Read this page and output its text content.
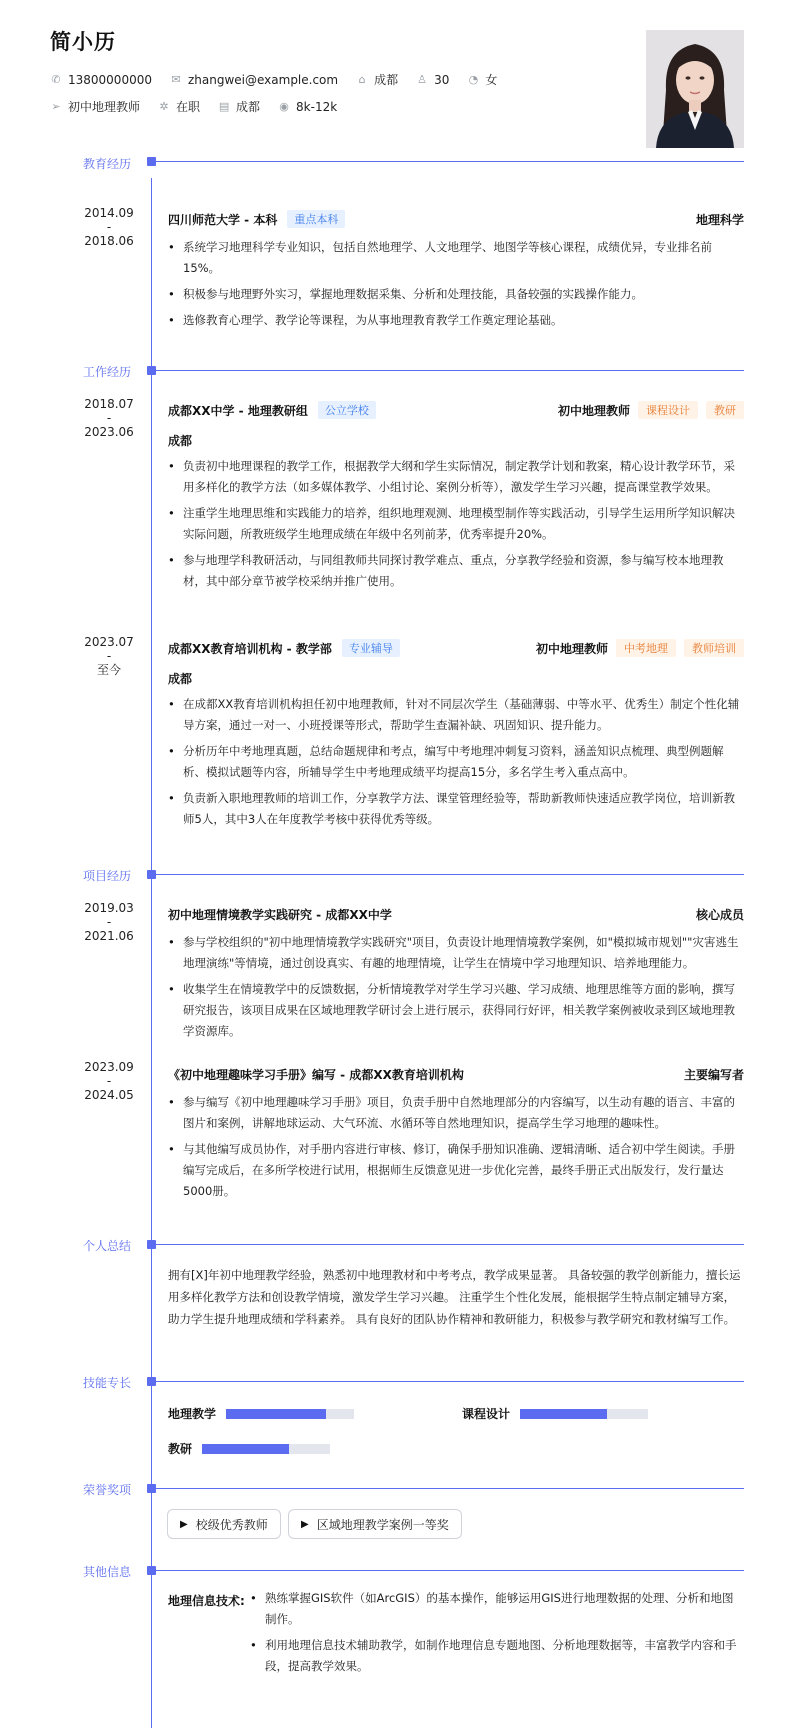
简小历
✆ 13800000000 ✉ zhangwei@example.com ⌂ 成都 ♙ 30 ◔ 女
➢ 初中地理教师 ✲ 在职 ▤ 成都 ◉ 8k-12k
教育经历
2014.09
-
2018.06
四川师范大学 - 本科	重点本科	地理科学
• 系统学习地理科学专业知识，包括自然地理学、人文地理学、地图学等核心课程，成绩优异，专业排名前15%。
• 积极参与地理野外实习，掌握地理数据采集、分析和处理技能，具备较强的实践操作能力。
• 选修教育心理学、教学论等课程，为从事地理教育教学工作奠定理论基础。
工作经历
2018.07
-
2023.06
成都XX中学 - 地理教研组	公立学校	初中地理教师	课程设计	教研
成都
• 负责初中地理课程的教学工作，根据教学大纲和学生实际情况，制定教学计划和教案，精心设计教学环节，采用多样化的教学方法（如多媒体教学、小组讨论、案例分析等），激发学生学习兴趣，提高课堂教学效果。
• 注重学生地理思维和实践能力的培养，组织地理观测、地理模型制作等实践活动，引导学生运用所学知识解决实际问题，所教班级学生地理成绩在年级中名列前茅，优秀率提升20%。
• 参与地理学科教研活动，与同组教师共同探讨教学难点、重点，分享教学经验和资源，参与编写校本地理教材，其中部分章节被学校采纳并推广使用。
2023.07
-
至今
成都XX教育培训机构 - 教学部	专业辅导	初中地理教师	中考地理	教师培训
成都
• 在成都XX教育培训机构担任初中地理教师，针对不同层次学生（基础薄弱、中等水平、优秀生）制定个性化辅导方案，通过一对一、小班授课等形式，帮助学生查漏补缺、巩固知识、提升能力。
• 分析历年中考地理真题，总结命题规律和考点，编写中考地理冲刺复习资料，涵盖知识点梳理、典型例题解析、模拟试题等内容，所辅导学生中考地理成绩平均提高15分，多名学生考入重点高中。
• 负责新入职地理教师的培训工作，分享教学方法、课堂管理经验等，帮助新教师快速适应教学岗位，培训新教师5人，其中3人在年度教学考核中获得优秀等级。
项目经历
2019.03
-
2021.06
初中地理情境教学实践研究 - 成都XX中学	核心成员
• 参与学校组织的"初中地理情境教学实践研究"项目，负责设计地理情境教学案例，如"模拟城市规划""灾害逃生地理演练"等情境，通过创设真实、有趣的地理情境，让学生在情境中学习地理知识、培养地理能力。
• 收集学生在情境教学中的反馈数据，分析情境教学对学生学习兴趣、学习成绩、地理思维等方面的影响，撰写研究报告，该项目成果在区域地理教学研讨会上进行展示，获得同行好评，相关教学案例被收录到区域地理教学资源库。
2023.09
-
2024.05
《初中地理趣味学习手册》编写 - 成都XX教育培训机构	主要编写者
• 参与编写《初中地理趣味学习手册》项目，负责手册中自然地理部分的内容编写，以生动有趣的语言、丰富的图片和案例，讲解地球运动、大气环流、水循环等自然地理知识，提高学生学习地理的趣味性。
• 与其他编写成员协作，对手册内容进行审核、修订，确保手册知识准确、逻辑清晰、适合初中学生阅读。手册编写完成后，在多所学校进行试用，根据师生反馈意见进一步优化完善，最终手册正式出版发行，发行量达5000册。
个人总结
拥有[X]年初中地理教学经验，熟悉初中地理教材和中考考点，教学成果显著。 具备较强的教学创新能力，擅长运用多样化教学方法和创设教学情境，激发学生学习兴趣。 注重学生个性化发展，能根据学生特点制定辅导方案，助力学生提升地理成绩和学科素养。 具有良好的团队协作精神和教研能力，积极参与教学研究和教材编写工作。
技能专长
地理教学	课程设计
教研
荣誉奖项
▶ 校级优秀教师	▶ 区域地理教学案例一等奖
其他信息
地理信息技术:
•	熟练掌握GIS软件（如ArcGIS）的基本操作，能够运用GIS进行地理数据的处理、分析和地图制作。
• 利用地理信息技术辅助教学，如制作地理信息专题地图、分析地理数据等，丰富教学内容和手段，提高教学效果。
